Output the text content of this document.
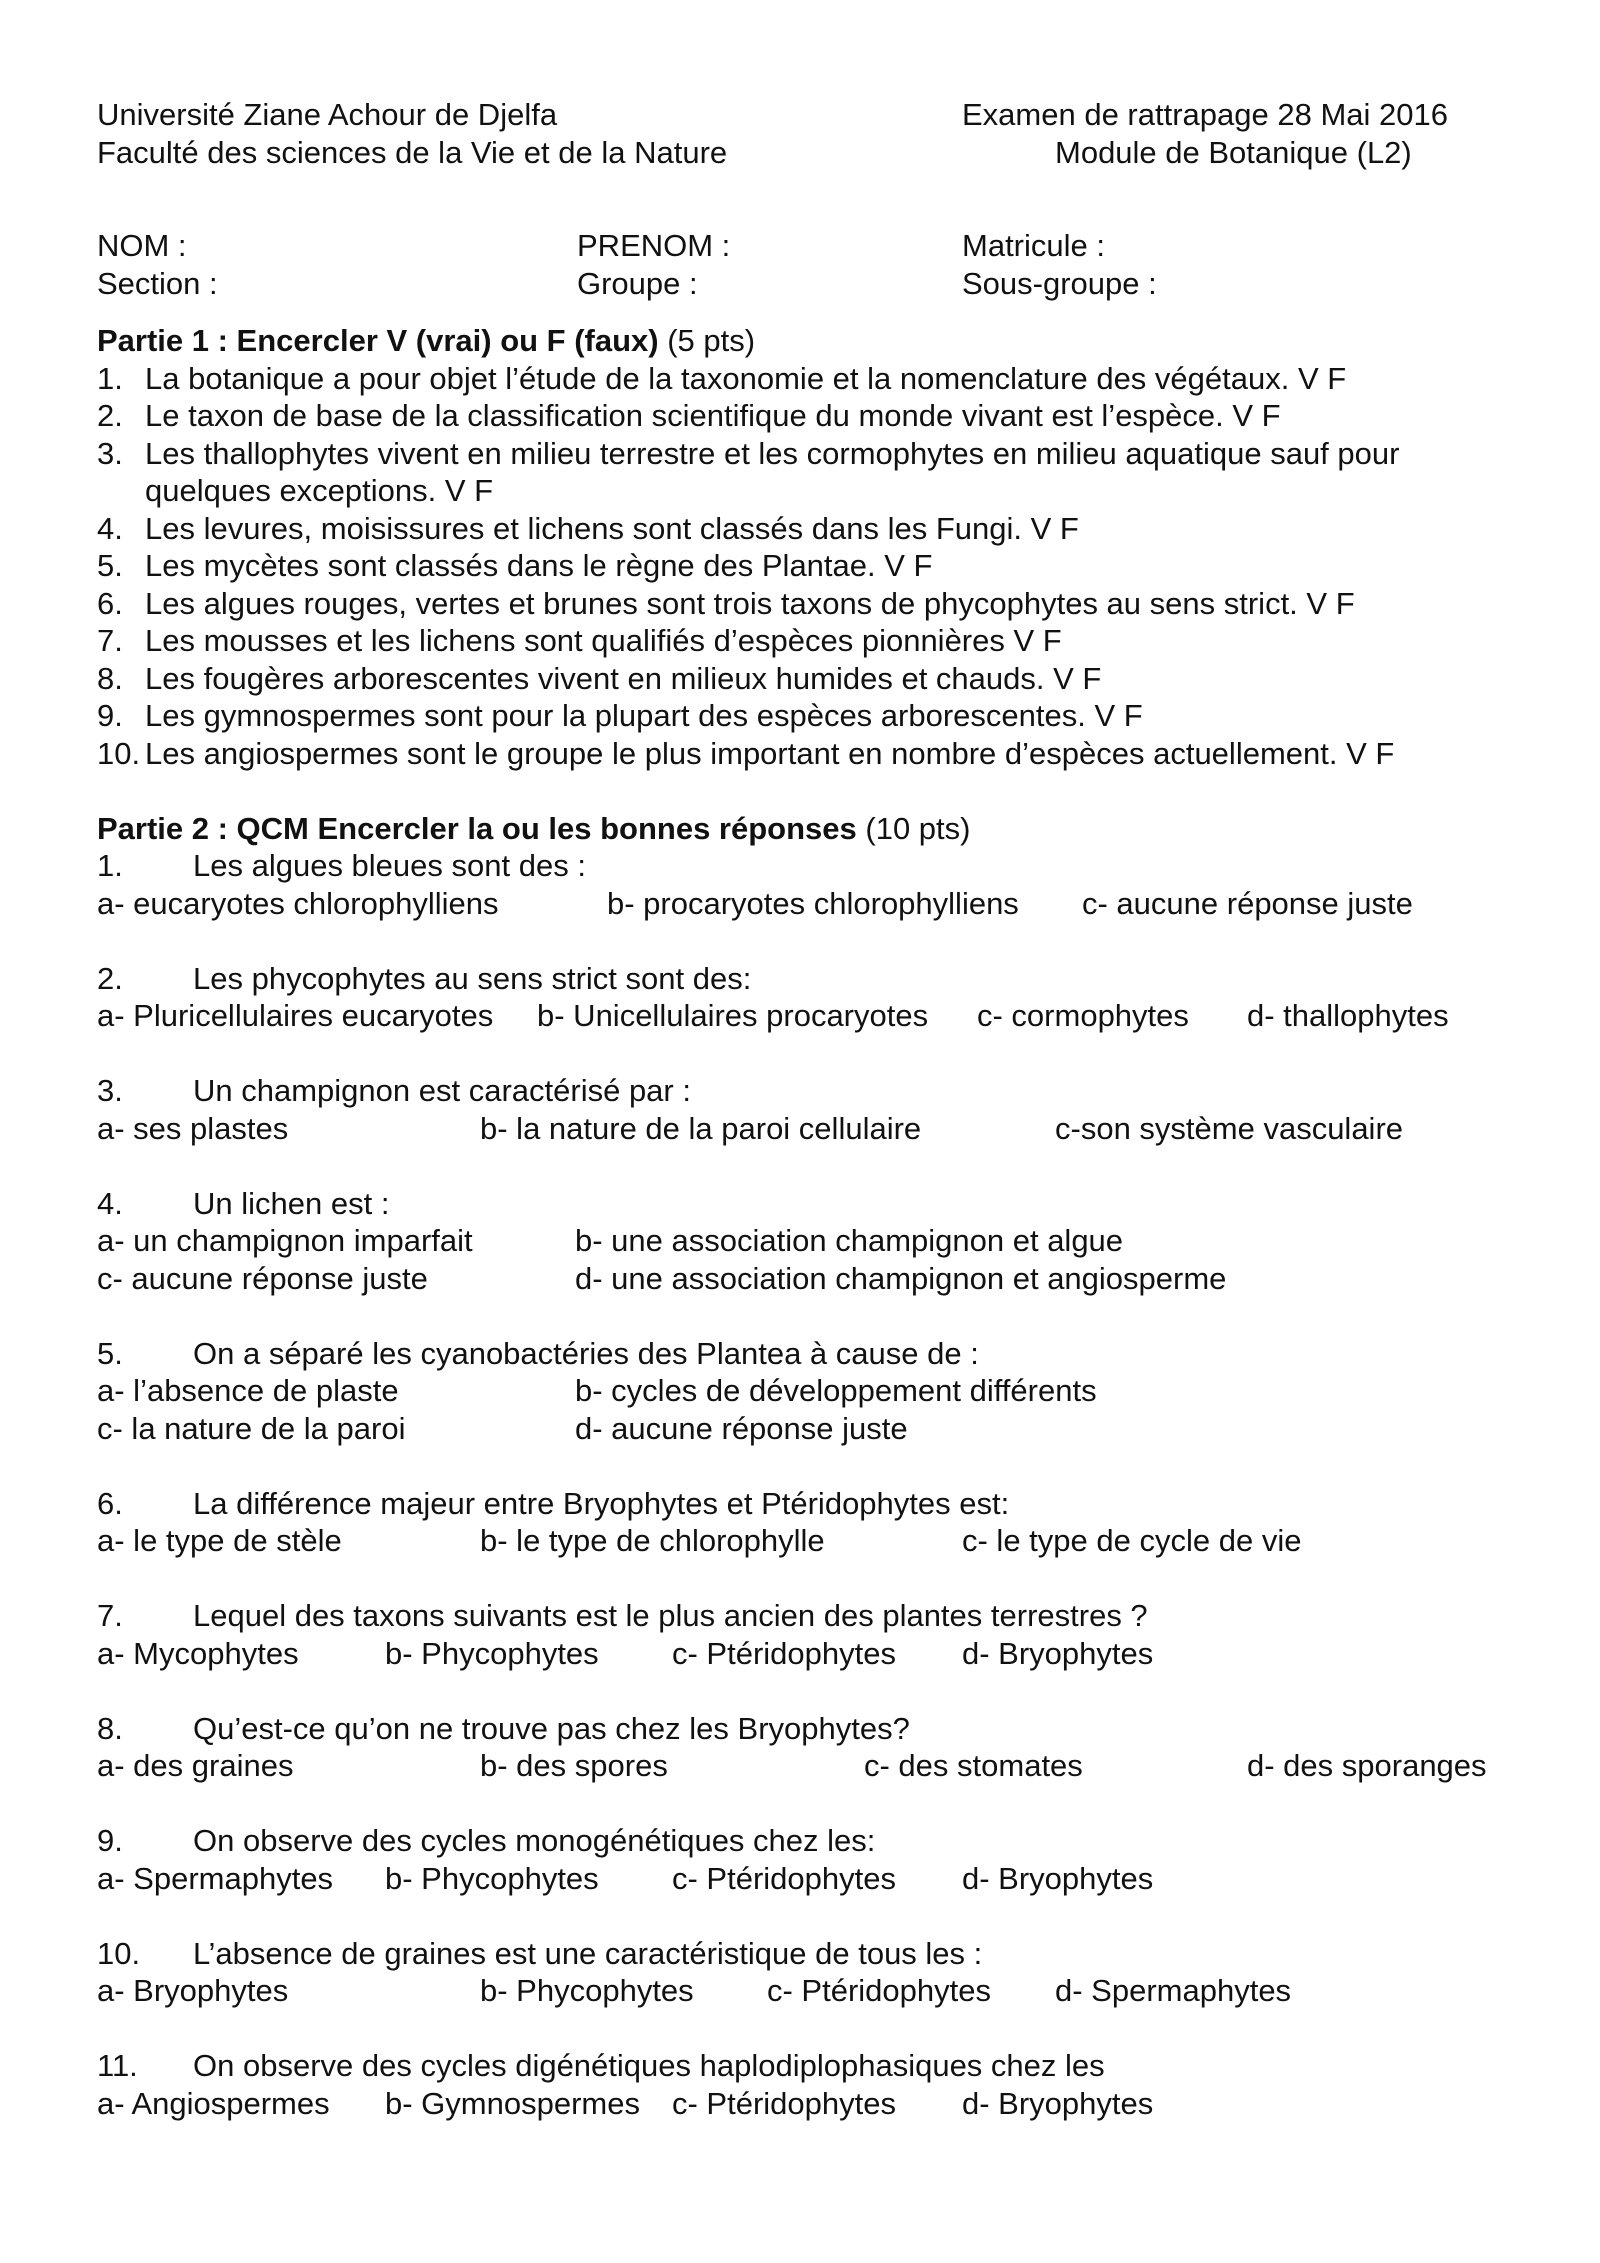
Université Ziane Achour de Djelfa	Examen de rattrapage 28 Mai 2016
Faculté des sciences de la Vie et de la Nature	Module de Botanique (L2)
NOM :	PRENOM :	Matricule :
Section :	Groupe :	Sous-groupe :
Partie 1 : Encercler V (vrai) ou F (faux) (5 pts)
1. La botanique a pour objet l’étude de la taxonomie et la nomenclature des végétaux. V F
2. Le taxon de base de la classification scientifique du monde vivant est l’espèce. V F
3. Les thallophytes vivent en milieu terrestre et les cormophytes en milieu aquatique sauf pour
quelques exceptions. V F
4. Les levures, moisissures et lichens sont classés dans les Fungi. V F
5. Les mycètes sont classés dans le règne des Plantae. V F
6. Les algues rouges, vertes et brunes sont trois taxons de phycophytes au sens strict. V F
7. Les mousses et les lichens sont qualifiés d’espèces pionnières V F
8. Les fougères arborescentes vivent en milieux humides et chauds. V F
9. Les gymnospermes sont pour la plupart des espèces arborescentes. V F
10. Les angiospermes sont le groupe le plus important en nombre d’espèces actuellement. V F
Partie 2 : QCM Encercler la ou les bonnes réponses (10 pts)
1. Les algues bleues sont des :
a- eucaryotes chlorophylliens	b- procaryotes chlorophylliens c- aucune réponse juste
2. Les phycophytes au sens strict sont des:
a- Pluricellulaires eucaryotes b- Unicellulaires procaryotes c- cormophytes d- thallophytes
3. Un champignon est caractérisé par :
a- ses plastes	b- la nature de la paroi cellulaire	c-son système vasculaire
4. Un lichen est :
a- un champignon imparfait	b- une association champignon et algue
c- aucune réponse juste	d- une association champignon et angiosperme
5. On a séparé les cyanobactéries des Plantea à cause de :
a- l’absence de plaste	b- cycles de développement différents
c- la nature de la paroi	d- aucune réponse juste
6. La différence majeur entre Bryophytes et Ptéridophytes est:
a- le type de stèle	b- le type de chlorophylle	c- le type de cycle de vie
7. Lequel des taxons suivants est le plus ancien des plantes terrestres ?
a- Mycophytes	b- Phycophytes c- Ptéridophytes d- Bryophytes
8. Qu’est-ce qu’on ne trouve pas chez les Bryophytes?
a- des graines	b- des spores	c- des stomates	d- des sporanges
9. On observe des cycles monogénétiques chez les:
a- Spermaphytes b- Phycophytes c- Ptéridophytes d- Bryophytes
10. L’absence de graines est une caractéristique de tous les :
a- Bryophytes	b- Phycophytes c- Ptéridophytes d- Spermaphytes
11. On observe des cycles digénétiques haplodiplophasiques chez les
a- Angiospermes b- Gymnospermes c- Ptéridophytes d- Bryophytes
